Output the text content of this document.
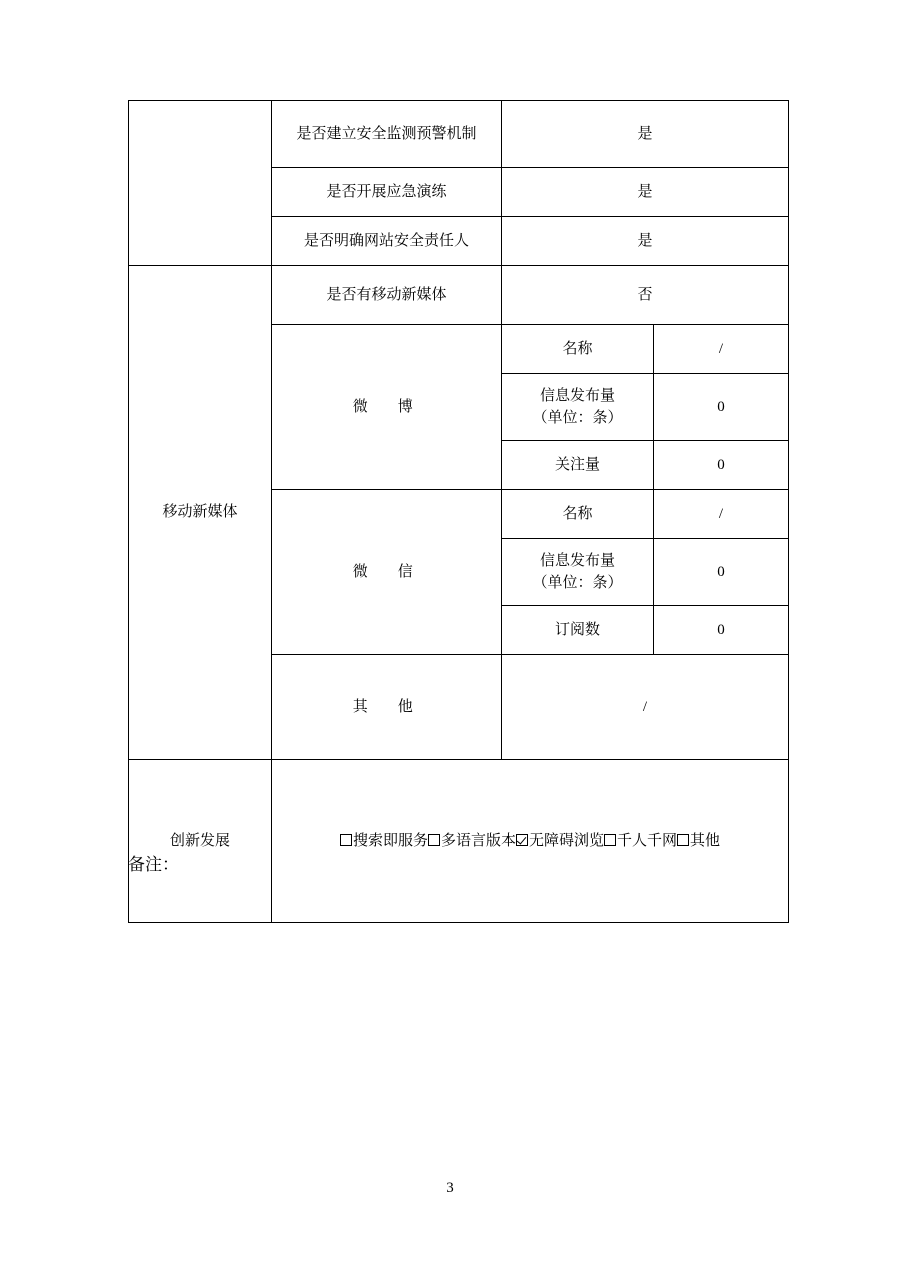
	是否建立安全监测预警机制	是	
	是否开展应急演练	是	
	是否明确网站安全责任人	是	
移动新媒体	是否有移动新媒体	否	
	微　博	名称	/

		信息发布量
（单位：条）	0
		关注量	0
	微　信	名称	/

		信息发布量
（单位：条）	0
		订阅数	0
	其　他	/	
创新发展	搜索即服务 多语言版本 无障碍浏览 千人千网 其他		
备注：
3
